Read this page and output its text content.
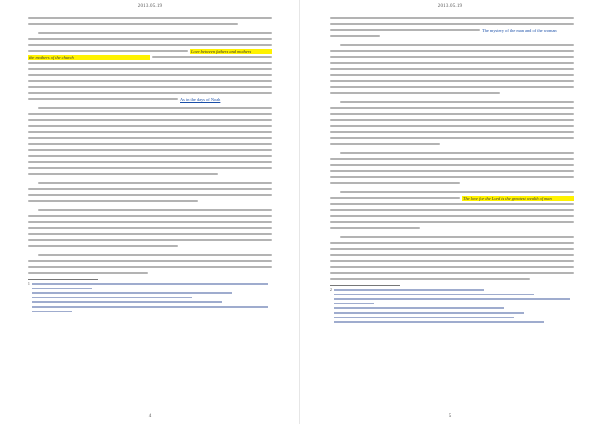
2013.05.19
Love between fathers and mothers
the mothers of the church
As in the days of Noah
1
4
2013.05.19
The mystery of the man and of the woman
The love for the Lord is the greatest wealth of man
2
5
